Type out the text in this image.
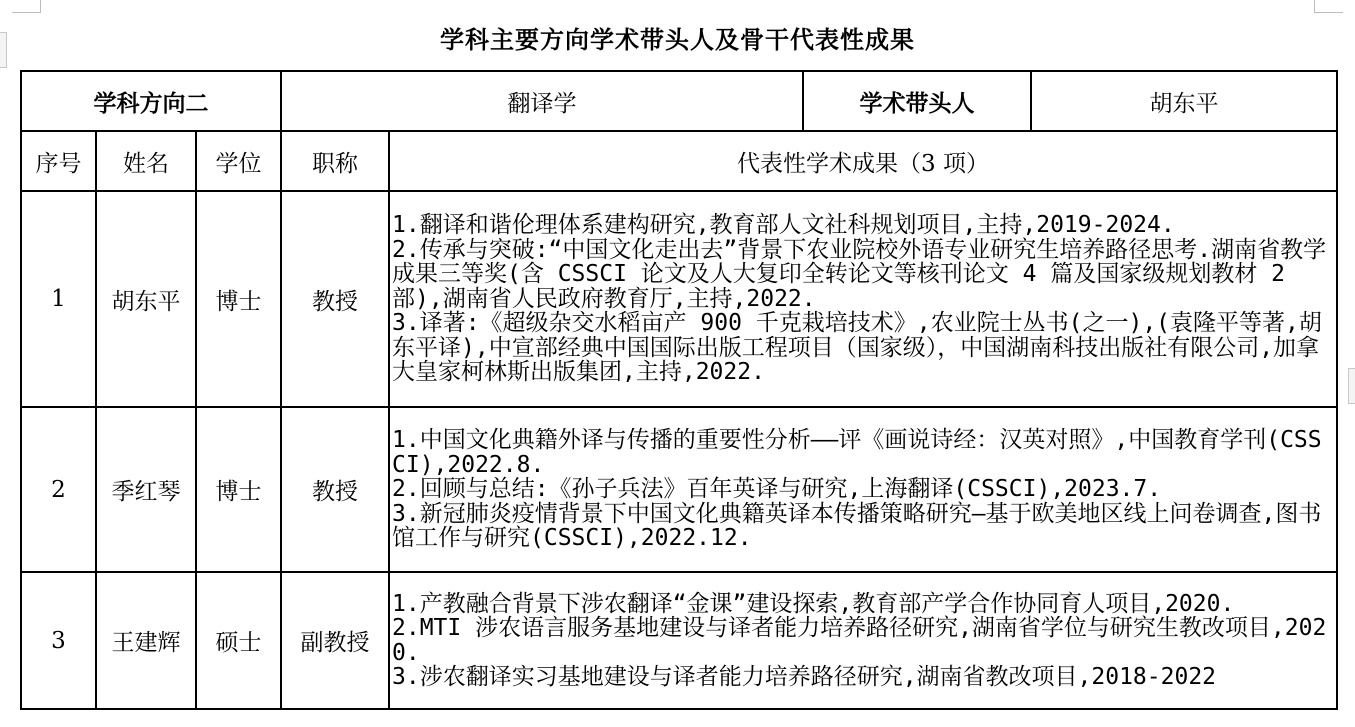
学科主要方向学术带头人及骨干代表性成果
学科方向二			翻译学		学术带头人	胡东平
序号	姓名	学位	职称	代表性学术成果（3 项）		
1	胡东平	博士	教授	1.翻译和谐伦理体系建构研究,教育部人文社科规划项目,主持,2019-2024.
2.传承与突破:“中国文化走出去”背景下农业院校外语专业研究生培养路径思考.湖南省教学成果三等奖(含 CSSCI 论文及人大复印全转论文等核刊论文 4 篇及国家级规划教材 2 部),湖南省人民政府教育厅,主持,2022.
3.译著:《超级杂交水稻亩产 900 千克栽培技术》,农业院士丛书(之一),(袁隆平等著,胡东平译),中宣部经典中国国际出版工程项目（国家级），中国湖南科技出版社有限公司,加拿大皇家柯林斯出版集团,主持,2022.		

2	季红琴	博士	教授	1.中国文化典籍外译与传播的重要性分析——评《画说诗经：汉英对照》,中国教育学刊(CSSCI),2022.8.
2.回顾与总结:《孙子兵法》百年英译与研究,上海翻译(CSSCI),2023.7.
3.新冠肺炎疫情背景下中国文化典籍英译本传播策略研究—基于欧美地区线上问卷调查,图书馆工作与研究(CSSCI),2022.12.		

3	王建辉	硕士	副教授	1.产教融合背景下涉农翻译“金课”建设探索,教育部产学合作协同育人项目,2020.
2.MTI 涉农语言服务基地建设与译者能力培养路径研究,湖南省学位与研究生教改项目,2020.
3.涉农翻译实习基地建设与译者能力培养路径研究,湖南省教改项目,2018-2022		
